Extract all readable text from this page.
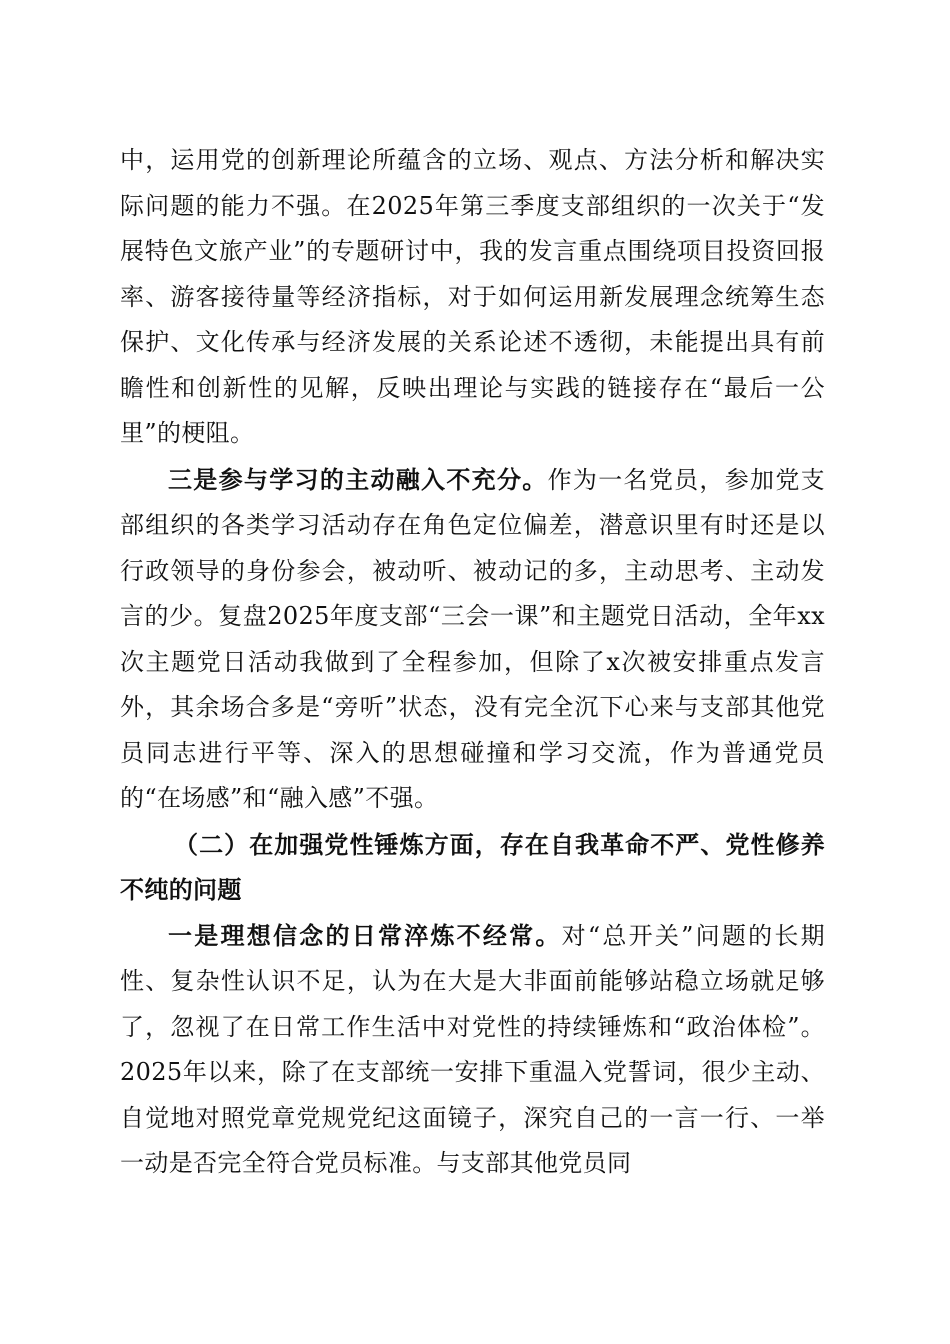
中，运用党的创新理论所蕴含的立场、观点、方法分析和解决实际问题的能力不强。在2025年第三季度支部组织的一次关于“发展特色文旅产业”的专题研讨中，我的发言重点围绕项目投资回报率、游客接待量等经济指标，对于如何运用新发展理念统筹生态保护、文化传承与经济发展的关系论述不透彻，未能提出具有前瞻性和创新性的见解，反映出理论与实践的链接存在“最后一公里”的梗阻。

三是参与学习的主动融入不充分。作为一名党员，参加党支部组织的各类学习活动存在角色定位偏差，潜意识里有时还是以行政领导的身份参会，被动听、被动记的多，主动思考、主动发言的少。复盘2025年度支部“三会一课”和主题党日活动，全年xx次主题党日活动我做到了全程参加，但除了x次被安排重点发言外，其余场合多是“旁听”状态，没有完全沉下心来与支部其他党员同志进行平等、深入的思想碰撞和学习交流，作为普通党员的“在场感”和“融入感”不强。

（二）在加强党性锤炼方面，存在自我革命不严、党性修养不纯的问题

一是理想信念的日常淬炼不经常。对“总开关”问题的长期性、复杂性认识不足，认为在大是大非面前能够站稳立场就足够了，忽视了在日常工作生活中对党性的持续锤炼和“政治体检”。2025年以来，除了在支部统一安排下重温入党誓词，很少主动、自觉地对照党章党规党纪这面镜子，深究自己的一言一行、一举一动是否完全符合党员标准。与支部其他党员同
